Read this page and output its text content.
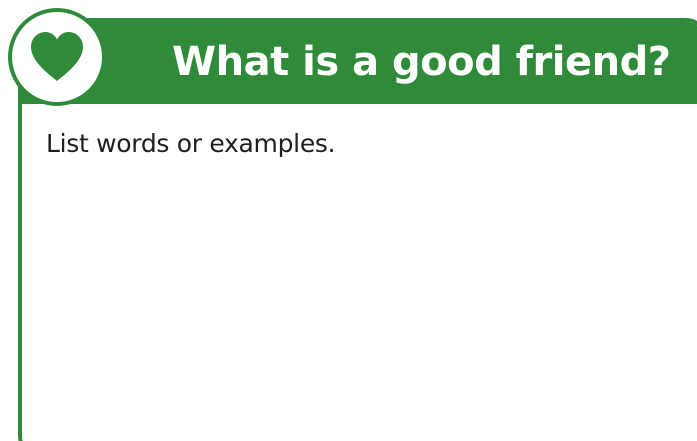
What is a good friend?

List words or examples.
